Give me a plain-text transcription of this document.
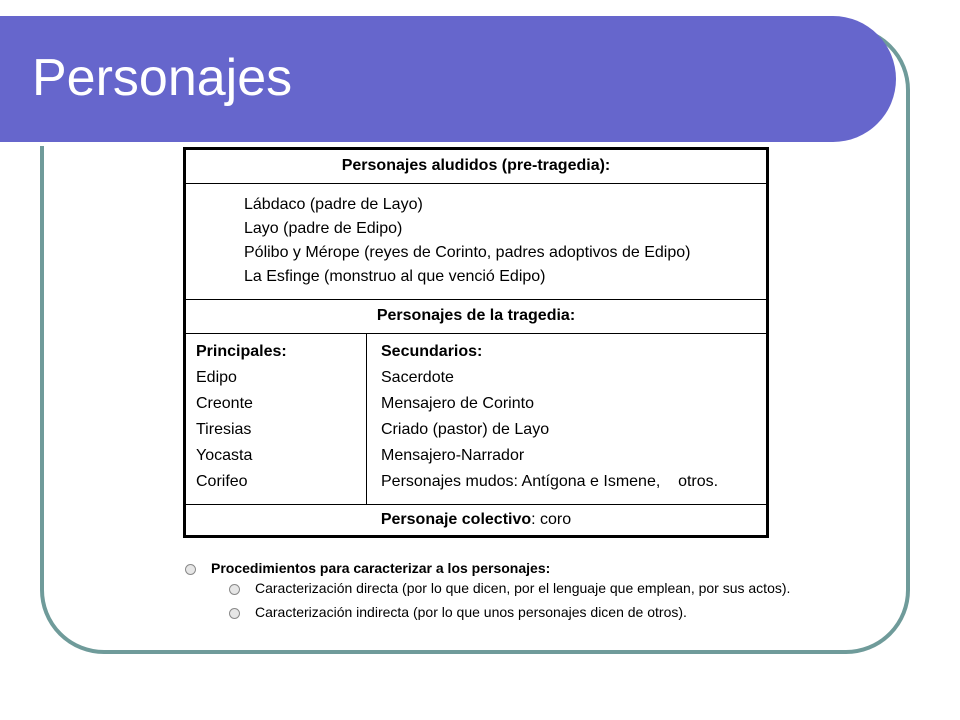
Personajes
Personajes aludidos (pre-tragedia):
Lábdaco (padre de Layo)
Layo (padre de Edipo)
Pólibo y Mérope (reyes de Corinto, padres adoptivos de Edipo)
La Esfinge (monstruo al que venció Edipo)
Personajes de la tragedia:
Principales:
Edipo
Creonte
Tiresias
Yocasta
Corifeo
Secundarios:
Sacerdote
Mensajero de Corinto
Criado (pastor) de Layo
Mensajero-Narrador
Personajes mudos: Antígona e Ismene,    otros.
Personaje colectivo: coro
Procedimientos para caracterizar a los personajes:
Caracterización directa (por lo que dicen, por el lenguaje que emplean, por sus actos).
Caracterización indirecta (por lo que unos personajes dicen de otros).
